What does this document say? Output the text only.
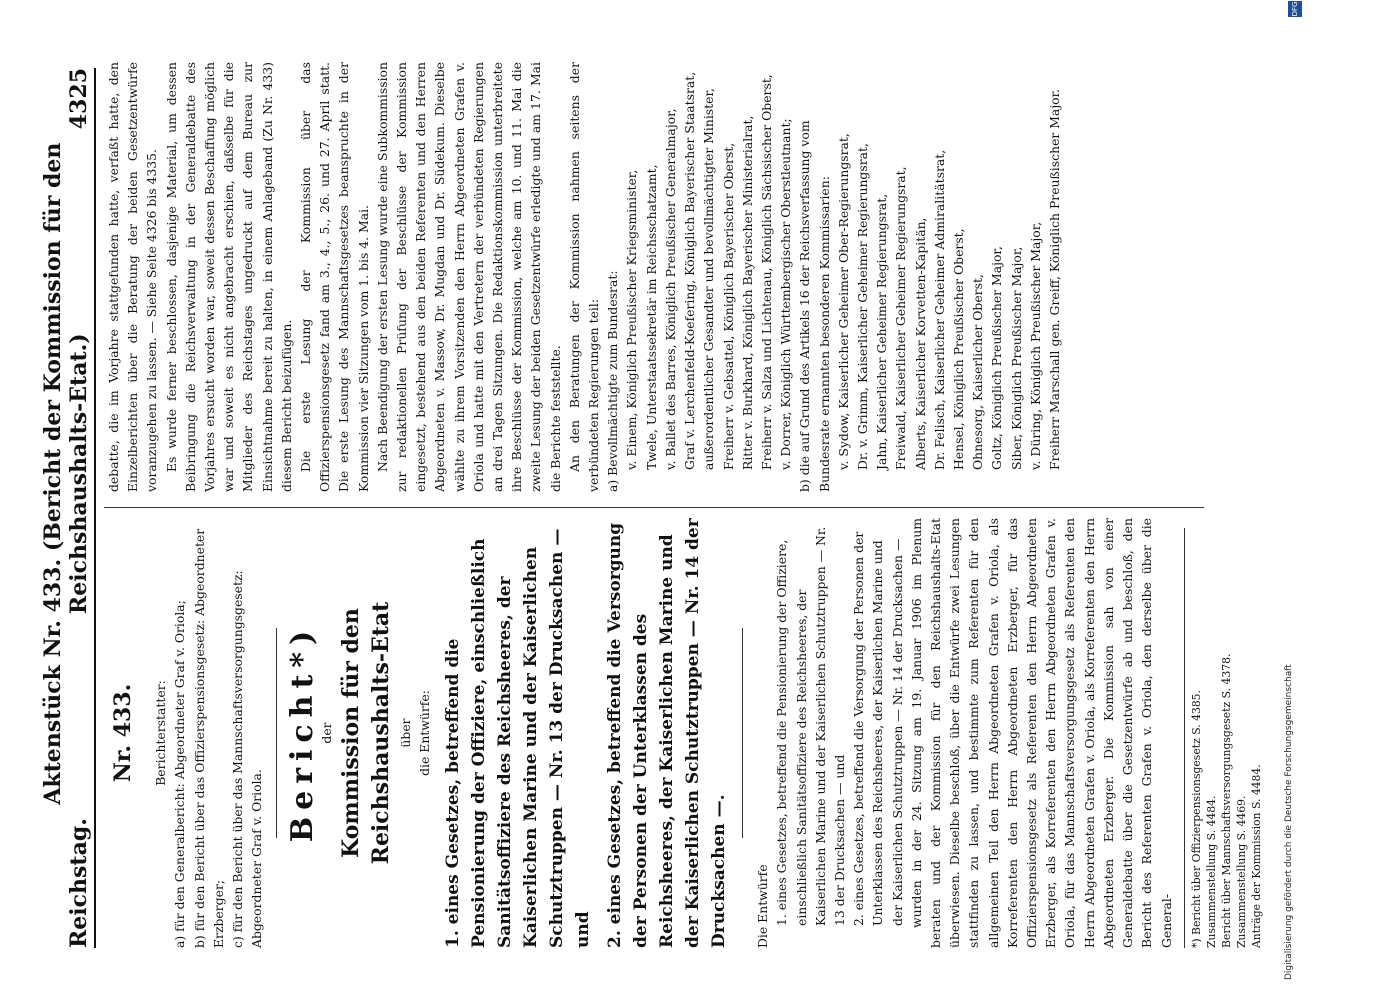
Reichstag.
Aktenstück Nr. 433. (Bericht der Kommission für den Reichshaushalts-Etat.)
4325
Nr. 433. Berichterstatter: a) für den Generalbericht: Abgeordneter Graf v. Oriola; b) für den Bericht über das Offizierspensionsgesetz: Abgeordneter Erzberger; c) für den Bericht über das Mannschaftsversorgungsgesetz: Abgeordneter Graf v. Oriola.
Bericht*)
der Kommission für den Reichshaushalts-Etat über die Entwürfe: 1. eines Gesetzes, betreffend die Pensionierung der Offiziere, einschließlich Sanitätsoffiziere des Reichsheeres, der Kaiserlichen Marine und der Kaiserlichen Schutztruppen — Nr. 13 der Drucksachen — und 2. eines Gesetzes, betreffend die Versorgung der Personen der Unterklassen des Reichsheeres, der Kaiserlichen Marine und der Kaiserlichen Schutztruppen — Nr. 14 der Drucksachen —. Die Entwürfe 1. eines Gesetzes, betreffend die Pensionierung der Offiziere, einschließlich Sanitätsoffiziere des Reichsheeres, der Kaiserlichen Marine und der Kaiserlichen Schutztruppen — Nr. 13 der Drucksachen — und 2. eines Gesetzes, betreffend die Versorgung der Personen der Unterklassen des Reichsheeres, der Kaiserlichen Marine und der Kaiserlichen Schutztruppen — Nr. 14 der Drucksachen — wurden in der 24. Sitzung am 19. Januar 1906 im Plenum beraten und der Kommission für den Reichshaushalts-Etat überwiesen. Dieselbe beschloß, über die Entwürfe zwei Lesungen stattfinden zu lassen, und bestimmte zum Referenten für den allgemeinen Teil den Herrn Abgeordneten Grafen v. Oriola, als Korreferenten den Herrn Abgeordneten Erzberger, für das Offizierspensionsgesetz als Referenten den Herrn Abgeordneten Erzberger, als Korreferenten den Herrn Abgeordneten Grafen v. Oriola, für das Mannschaftsversorgungsgesetz als Referenten den Herrn Abgeordneten Grafen v. Oriola, als Korreferenten den Herrn Abgeordneten Erzberger. Die Kommission sah von einer Generaldebatte über die Gesetzentwürfe ab und beschloß, den Bericht des Referenten Grafen v. Oriola, den derselbe über die General- *) Bericht über Offizierpensionsgesetz S. 4385. Zusammenstellung S. 4484. Bericht über Mannschaftsversorgungsgesetz S. 4378. Zusammenstellung S. 4469. Anträge der Kommission S. 4484.
debatte, die im Vorjahre stattgefunden hatte, verfaßt hatte, den Einzelberichten über die Beratung der beiden Gesetzentwürfe voranzugehen zu lassen. — Siehe Seite 4326 bis 4335. Es wurde ferner beschlossen, dasjenige Material, um dessen Beibringung die Reichsverwaltung in der Generaldebatte des Vorjahres ersucht worden war, soweit dessen Beschaffung möglich war und soweit es nicht angebracht erschien, daßselbe für die Mitglieder des Reichstages ungedruckt auf dem Bureau zur Einsichtnahme bereit zu halten, in einem Anlageband (Zu Nr. 433) diesem Bericht beizufügen. Die erste Lesung der Kommission über das Offizierspensionsgesetz fand am 3., 4., 5., 26. und 27. April statt. Die erste Lesung des Mannschaftsgesetzes beanspruchte in der Kommission vier Sitzungen vom 1. bis 4. Mai. Nach Beendigung der ersten Lesung wurde eine Subkommission zur redaktionellen Prüfung der Beschlüsse der Kommission eingesetzt, bestehend aus den beiden Referenten und den Herren Abgeordneten v. Massow, Dr. Mugdan und Dr. Südekum. Dieselbe wählte zu ihrem Vorsitzenden den Herrn Abgeordneten Grafen v. Oriola und hatte mit den Vertretern der verbündeten Regierungen an drei Tagen Sitzungen. Die Redaktionskommission unterbreitete ihre Beschlüsse der Kommission, welche am 10. und 11. Mai die zweite Lesung der beiden Gesetzentwürfe erledigte und am 17. Mai die Berichte feststellte. An den Beratungen der Kommission nahmen seitens der verbündeten Regierungen teil: a) Bevollmächtigte zum Bundesrat: v. Einem, Königlich Preußischer Kriegsminister, Twele, Unterstaatssekretär im Reichsschatzamt, v. Ballet des Barres, Königlich Preußischer Generalmajor, Graf v. Lerchenfeld-Koefering, Königlich Bayerischer Staatsrat, außerordentlicher Gesandter und bevollmächtigter Minister, Freiherr v. Gebsattel, Königlich Bayerischer Oberst, Ritter v. Burkhard, Königlich Bayerischer Ministerialrat, Freiherr v. Salza und Lichtenau, Königlich Sächsischer Oberst, v. Dorrer, Königlich Württembergischer Oberstleutnant; b) die auf Grund des Artikels 16 der Reichsverfassung vom Bundesrate ernannten besonderen Kommissarien: v. Sydow, Kaiserlicher Geheimer Ober-Regierungsrat, Dr. v. Grimm, Kaiserlicher Geheimer Regierungsrat, Jahn, Kaiserlicher Geheimer Regierungsrat, Freiwald, Kaiserlicher Geheimer Regierungsrat, Alberts, Kaiserlicher Korvetten-Kapitän, Dr. Felisch, Kaiserlicher Geheimer Admiralitätsrat, Hensel, Königlich Preußischer Oberst, Ohnesorg, Kaiserlicher Oberst, Goltz, Königlich Preußischer Major, Siber, Königlich Preußischer Major, v. Düring, Königlich Preußischer Major, Freiherr Marschall gen. Greiff, Königlich Preußischer Major.
Digitalisierung gefördert durch die Deutsche Forschungsgemeinschaft
DFG
